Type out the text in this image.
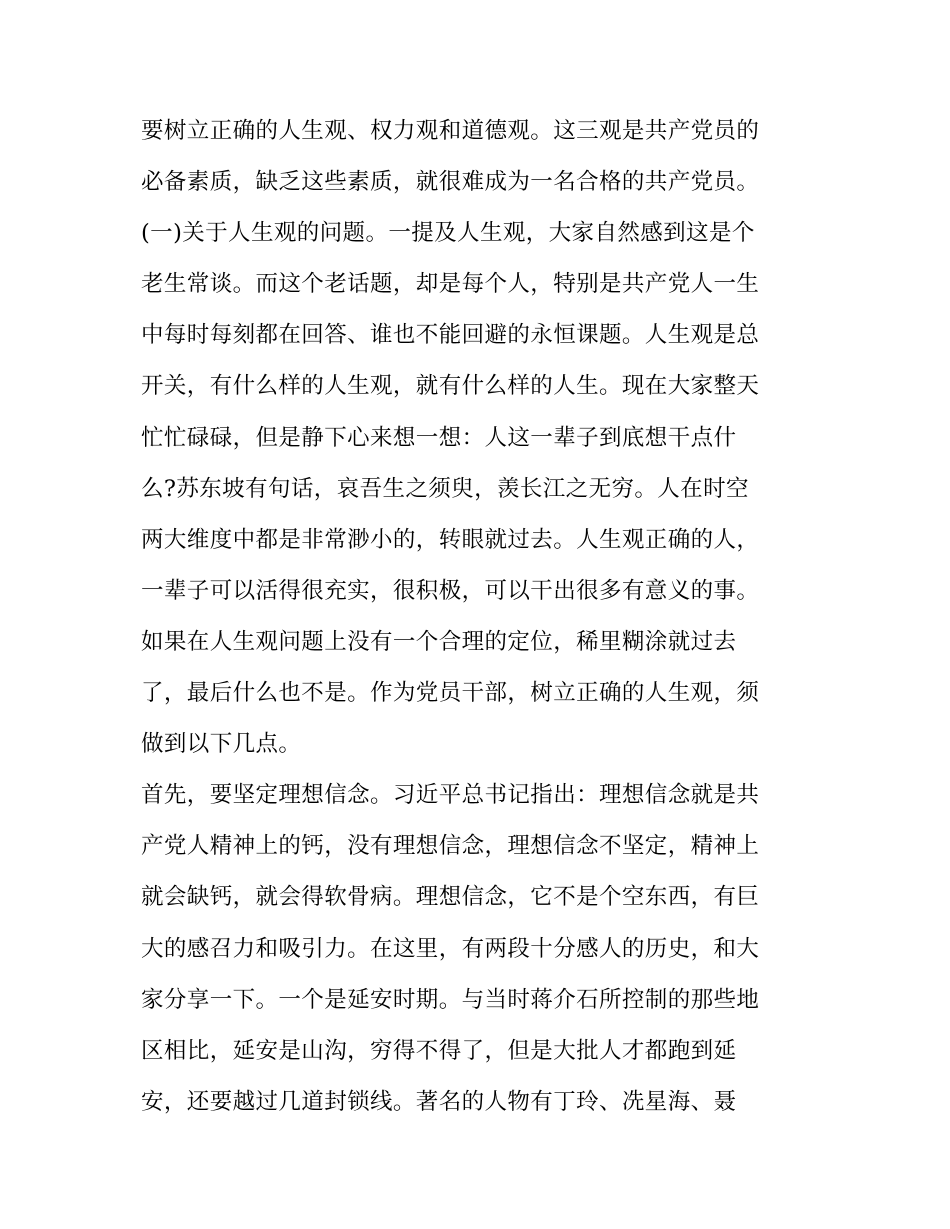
要树立正确的人生观、权力观和道德观。这三观是共产党员的
必备素质，缺乏这些素质，就很难成为一名合格的共产党员。
(一)关于人生观的问题。一提及人生观，大家自然感到这是个
老生常谈。而这个老话题，却是每个人，特别是共产党人一生
中每时每刻都在回答、谁也不能回避的永恒课题。人生观是总
开关，有什么样的人生观，就有什么样的人生。现在大家整天
忙忙碌碌，但是静下心来想一想：人这一辈子到底想干点什
么?苏东坡有句话，哀吾生之须臾，羡长江之无穷。人在时空
两大维度中都是非常渺小的，转眼就过去。人生观正确的人，
一辈子可以活得很充实，很积极，可以干出很多有意义的事。
如果在人生观问题上没有一个合理的定位，稀里糊涂就过去
了，最后什么也不是。作为党员干部，树立正确的人生观，须
做到以下几点。
首先，要坚定理想信念。习近平总书记指出：理想信念就是共
产党人精神上的钙，没有理想信念，理想信念不坚定，精神上
就会缺钙，就会得软骨病。理想信念，它不是个空东西，有巨
大的感召力和吸引力。在这里，有两段十分感人的历史，和大
家分享一下。一个是延安时期。与当时蒋介石所控制的那些地
区相比，延安是山沟，穷得不得了，但是大批人才都跑到延
安，还要越过几道封锁线。著名的人物有丁玲、冼星海、聂
